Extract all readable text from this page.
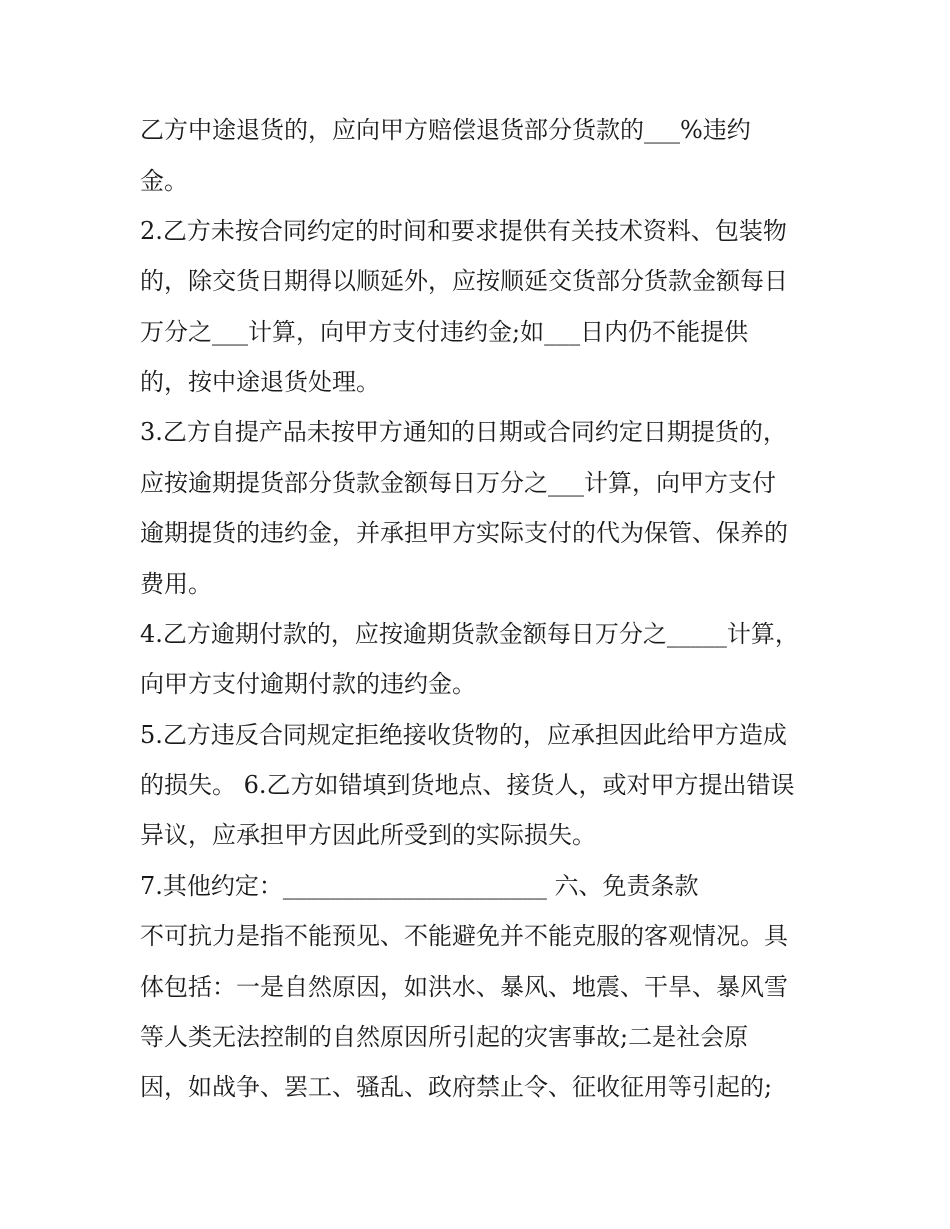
乙方中途退货的，应向甲方赔偿退货部分货款的___%违约
金。
2.乙方未按合同约定的时间和要求提供有关技术资料、包装物
的，除交货日期得以顺延外，应按顺延交货部分货款金额每日
万分之___计算，向甲方支付违约金;如___日内仍不能提供
的，按中途退货处理。
3.乙方自提产品未按甲方通知的日期或合同约定日期提货的，
应按逾期提货部分货款金额每日万分之___计算，向甲方支付
逾期提货的违约金，并承担甲方实际支付的代为保管、保养的
费用。
4.乙方逾期付款的，应按逾期货款金额每日万分之_____计算，
向甲方支付逾期付款的违约金。
5.乙方违反合同规定拒绝接收货物的，应承担因此给甲方造成
的损失。 6.乙方如错填到货地点、接货人，或对甲方提出错误
异议，应承担甲方因此所受到的实际损失。
7.其他约定：______________________ 六、免责条款
不可抗力是指不能预见、不能避免并不能克服的客观情况。具
体包括：一是自然原因，如洪水、暴风、地震、干旱、暴风雪
等人类无法控制的自然原因所引起的灾害事故;二是社会原
因，如战争、罢工、骚乱、政府禁止令、征收征用等引起的;
